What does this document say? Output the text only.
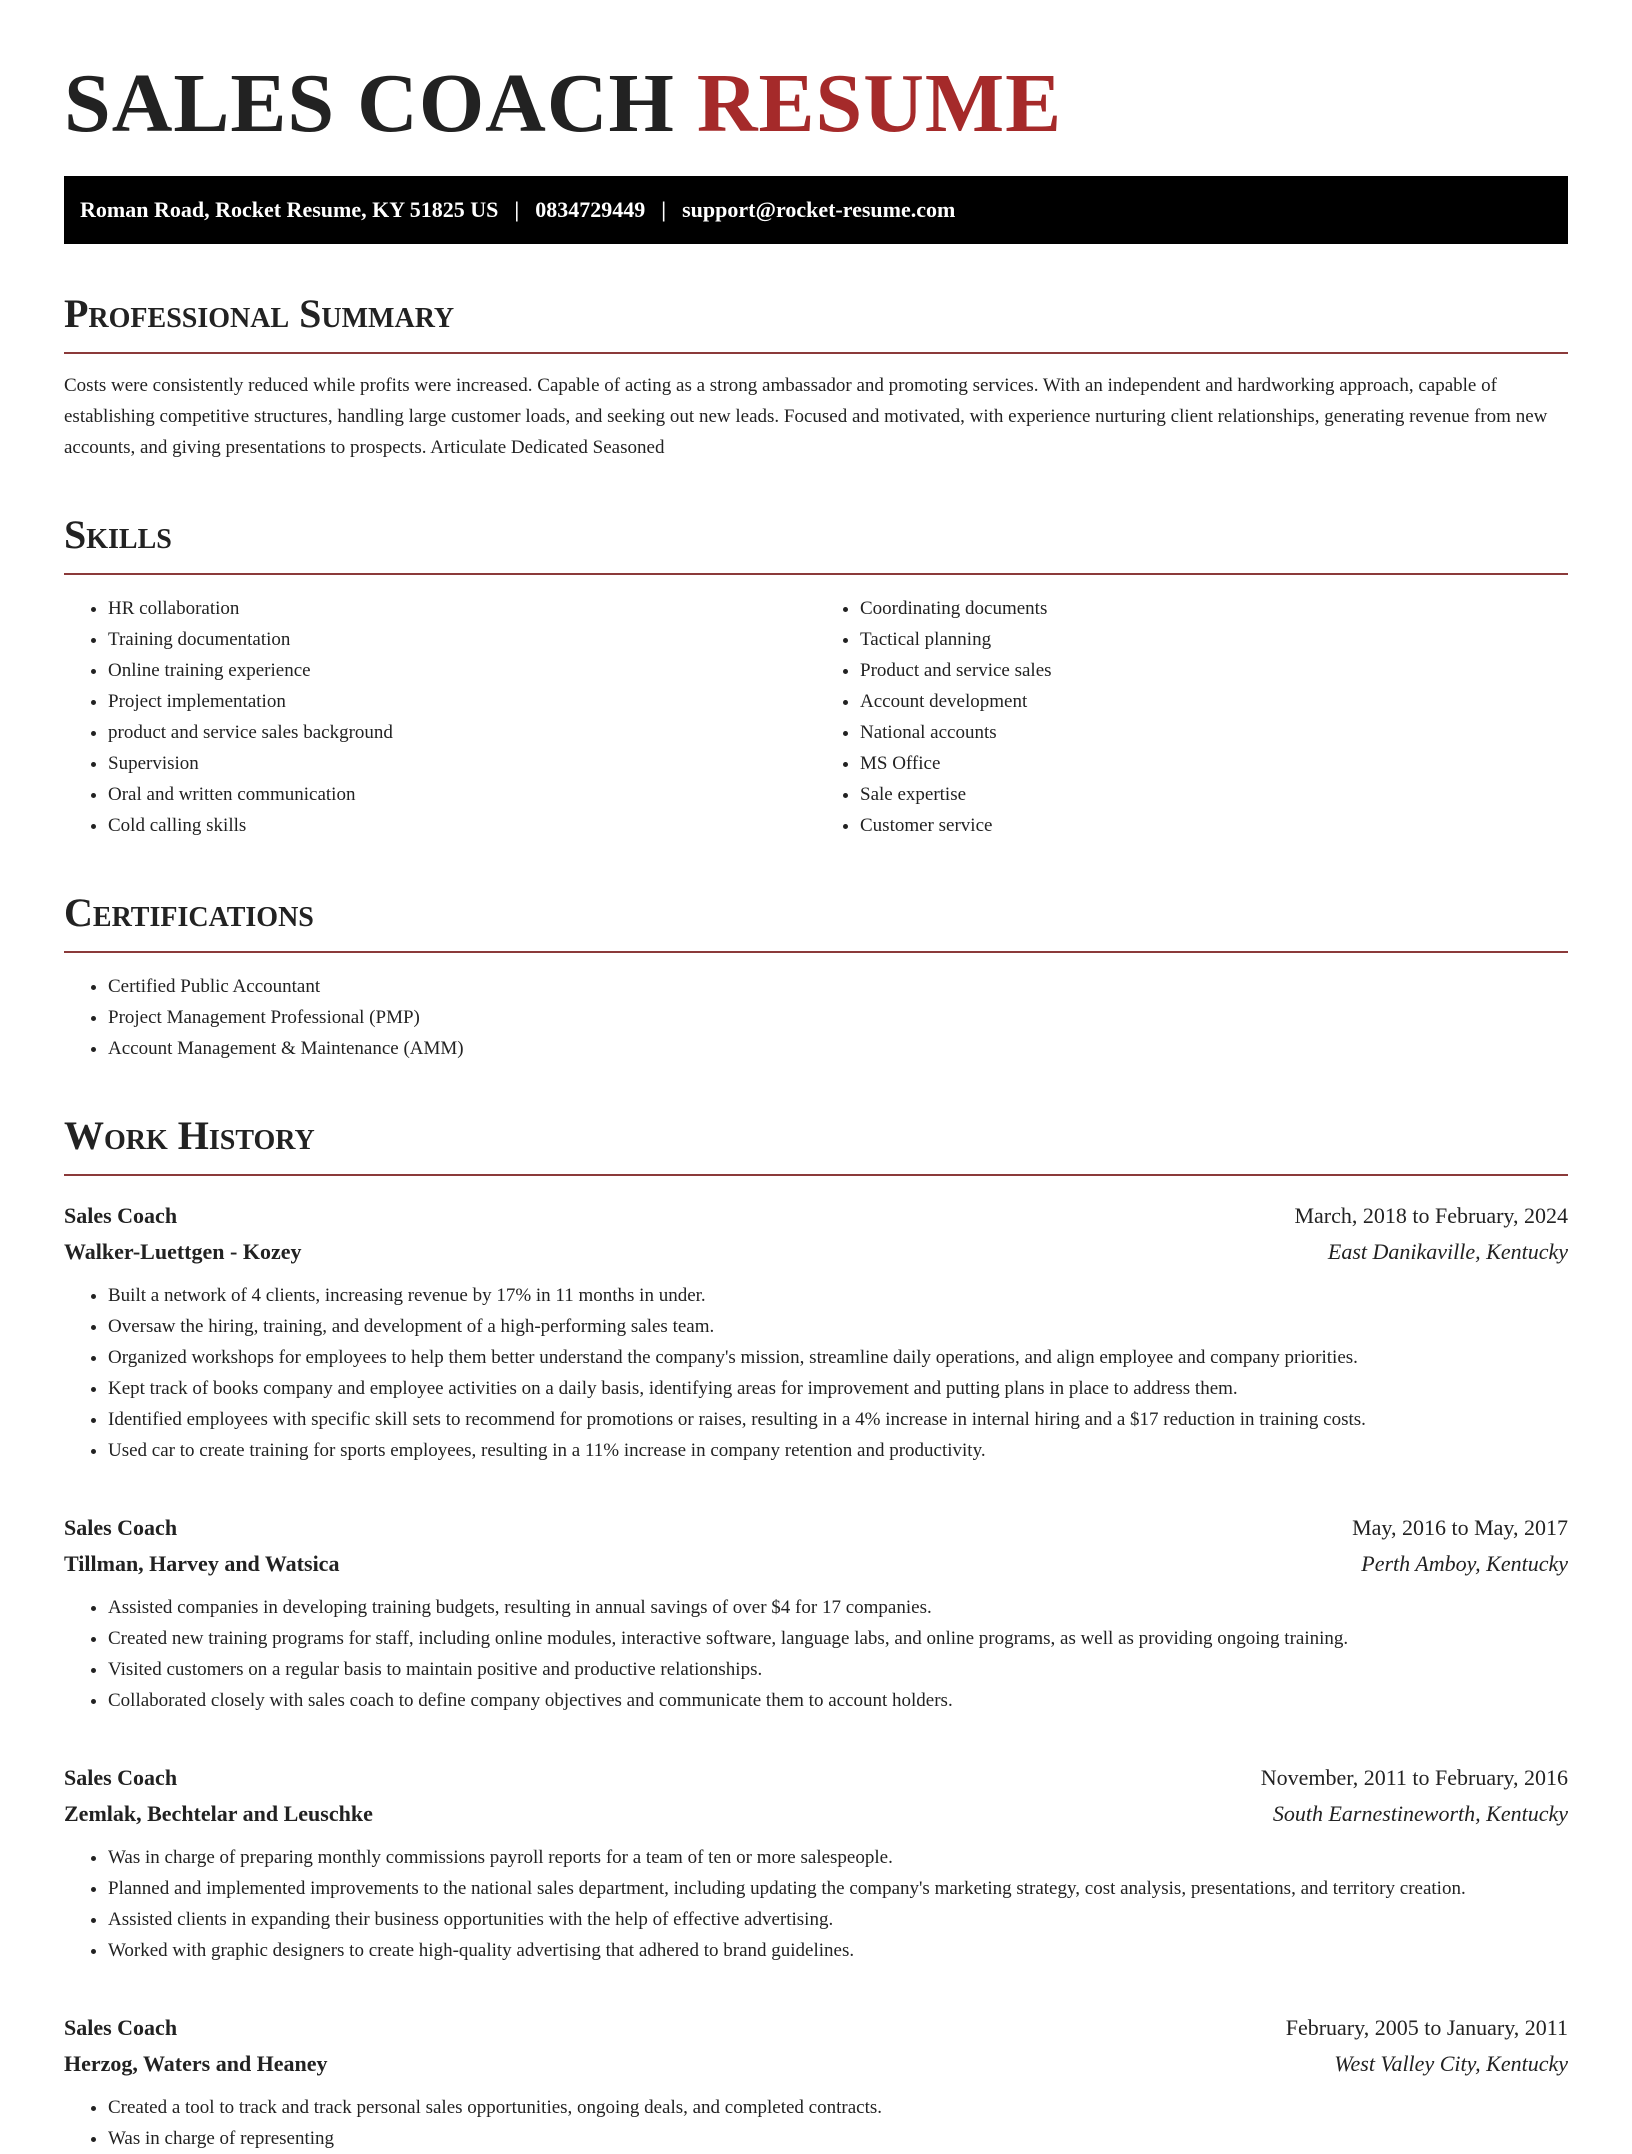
SALES COACH RESUME
Roman Road, Rocket Resume, KY 51825 US | 0834729449 | support@rocket-resume.com
Professional Summary

Costs were consistently reduced while profits were increased. Capable of acting as a strong ambassador and promoting services. With an independent and hardworking approach, capable of establishing competitive structures, handling large customer loads, and seeking out new leads. Focused and motivated, with experience nurturing client relationships, generating revenue from new accounts, and giving presentations to prospects. Articulate Dedicated Seasoned

Skills
• HR collaboration
• Training documentation
• Online training experience
• Project implementation
• product and service sales background
• Supervision
• Oral and written communication
• Cold calling skills
• Coordinating documents
• Tactical planning
• Product and service sales
• Account development
• National accounts
• MS Office
• Sale expertise
• Customer service
Certifications
• Certified Public Accountant
• Project Management Professional (PMP)
• Account Management & Maintenance (AMM)
Work History
Sales Coach	March, 2018 to February, 2024
Walker-Luettgen - Kozey	East Danikaville, Kentucky
• Built a network of 4 clients, increasing revenue by 17% in 11 months in under.
• Oversaw the hiring, training, and development of a high-performing sales team.
• Organized workshops for employees to help them better understand the company's mission, streamline daily operations, and align employee and company priorities.
• Kept track of books company and employee activities on a daily basis, identifying areas for improvement and putting plans in place to address them.
• Identified employees with specific skill sets to recommend for promotions or raises, resulting in a 4% increase in internal hiring and a $17 reduction in training costs.
• Used car to create training for sports employees, resulting in a 11% increase in company retention and productivity.
Sales Coach	May, 2016 to May, 2017
Tillman, Harvey and Watsica	Perth Amboy, Kentucky
• Assisted companies in developing training budgets, resulting in annual savings of over $4 for 17 companies.
• Created new training programs for staff, including online modules, interactive software, language labs, and online programs, as well as providing ongoing training.
• Visited customers on a regular basis to maintain positive and productive relationships.
• Collaborated closely with sales coach to define company objectives and communicate them to account holders.
Sales Coach	November, 2011 to February, 2016
Zemlak, Bechtelar and Leuschke	South Earnestineworth, Kentucky
• Was in charge of preparing monthly commissions payroll reports for a team of ten or more salespeople.
• Planned and implemented improvements to the national sales department, including updating the company's marketing strategy, cost analysis, presentations, and territory creation.
• Assisted clients in expanding their business opportunities with the help of effective advertising.
• Worked with graphic designers to create high-quality advertising that adhered to brand guidelines.
Sales Coach	February, 2005 to January, 2011
Herzog, Waters and Heaney	West Valley City, Kentucky
• Created a tool to track and track personal sales opportunities, ongoing deals, and completed contracts.
• Was in charge of representing
